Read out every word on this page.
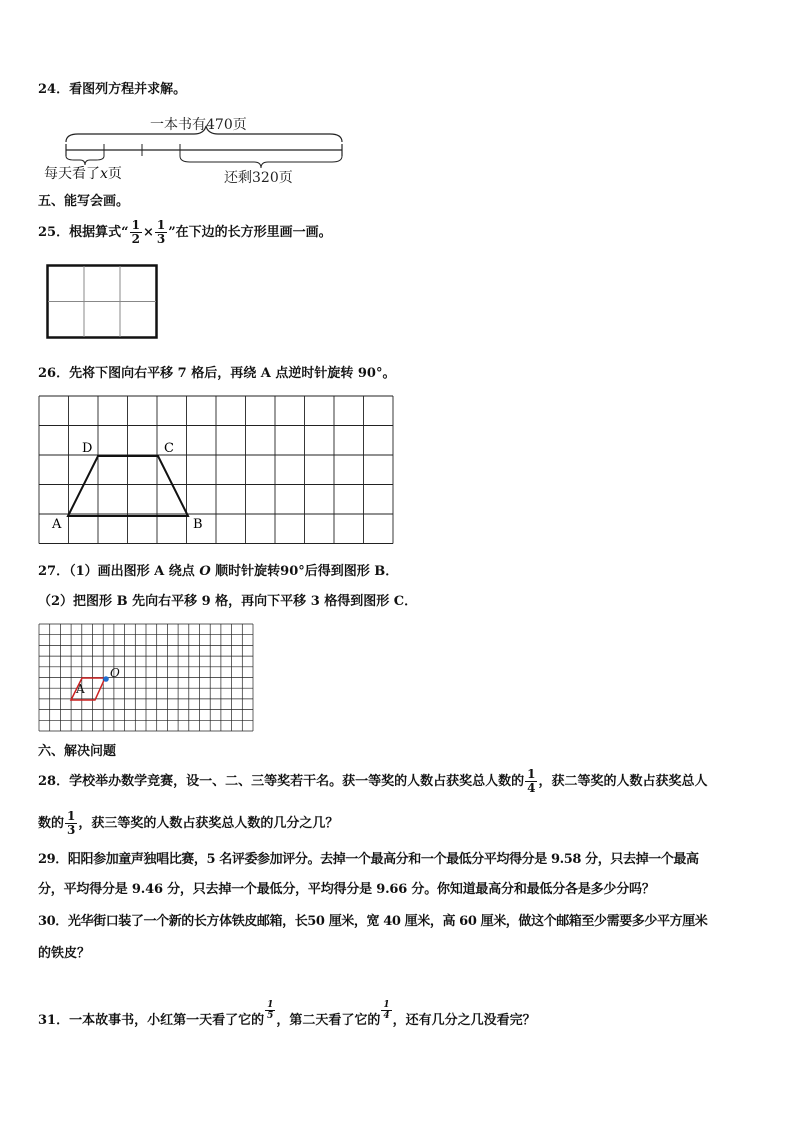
24．看图列方程并求解。
一本书有470页
还剩320页
每天看了x页
五、能写会画。
25．根据算式“ $\frac{1}{2} \times \frac{1}{3}$ ”在下边的长方形里画一画。
26．先将下图向右平移 7 格后，再绕 A 点逆时针旋转 90°。
A	B
C
D
27．（1）画出图形 A 绕点 O 顺时针旋转90°后得到图形 B．
（2）把图形 B 先向右平移 9 格，再向下平移 3 格得到图形 C．
A
O
六、解决问题
28．学校举办数学竞赛，设一、二、三等奖若干名。获一等奖的人数占获奖总人数的 $\frac{1}{4}$ ，获二等奖的人数占获奖总人
数的 $\frac{1}{3}$ ，获三等奖的人数占获奖总人数的几分之几？
29．阳阳参加童声独唱比赛，5 名评委参加评分。去掉一个最高分和一个最低分平均得分是 9.58 分，只去掉一个最高
分，平均得分是 9.46 分，只去掉一个最低分，平均得分是 9.66 分。你知道最高分和最低分各是多少分吗？
30．光华街口装了一个新的长方体铁皮邮箱，长50 厘米，宽 40 厘米，高 60 厘米，做这个邮箱至少需要多少平方厘米
的铁皮？
31．一本故事书，小红第一天看了它的 $\frac{1}{5}$ ，第二天看了它的 $\frac{1}{4}$ ，还有几分之几没看完？
